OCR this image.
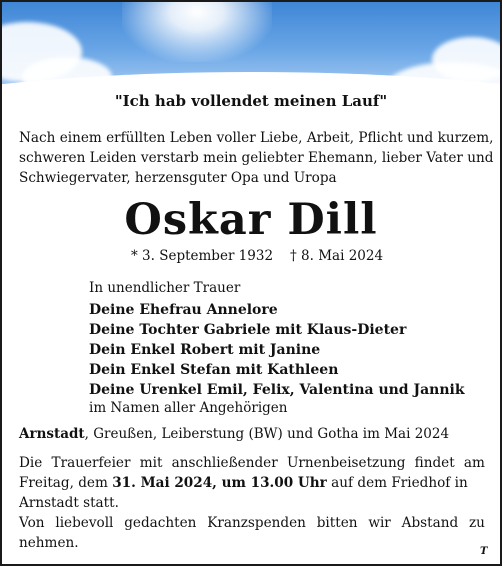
"Ich hab vollendet meinen Lauf"
Nach einem erfüllten Leben voller Liebe, Arbeit, Pflicht und kurzem,
schweren Leiden verstarb mein geliebter Ehemann, lieber Vater und
Schwiegervater, herzensguter Opa und Uropa
Oskar Dill
* 3. September 1932 † 8. Mai 2024
In unendlicher Trauer
Deine Ehefrau Annelore
Deine Tochter Gabriele mit Klaus-Dieter
Dein Enkel Robert mit Janine
Dein Enkel Stefan mit Kathleen
Deine Urenkel Emil, Felix, Valentina und Jannik
im Namen aller Angehörigen
Arnstadt, Greußen, Leiberstung (BW) und Gotha im Mai 2024
Die Trauerfeier mit anschließender Urnenbeisetzung findet am
Freitag, dem 31. Mai 2024, um 13.00 Uhr auf dem Friedhof in
Arnstadt statt.
Von liebevoll gedachten Kranzspenden bitten wir Abstand zu
nehmen.
T
